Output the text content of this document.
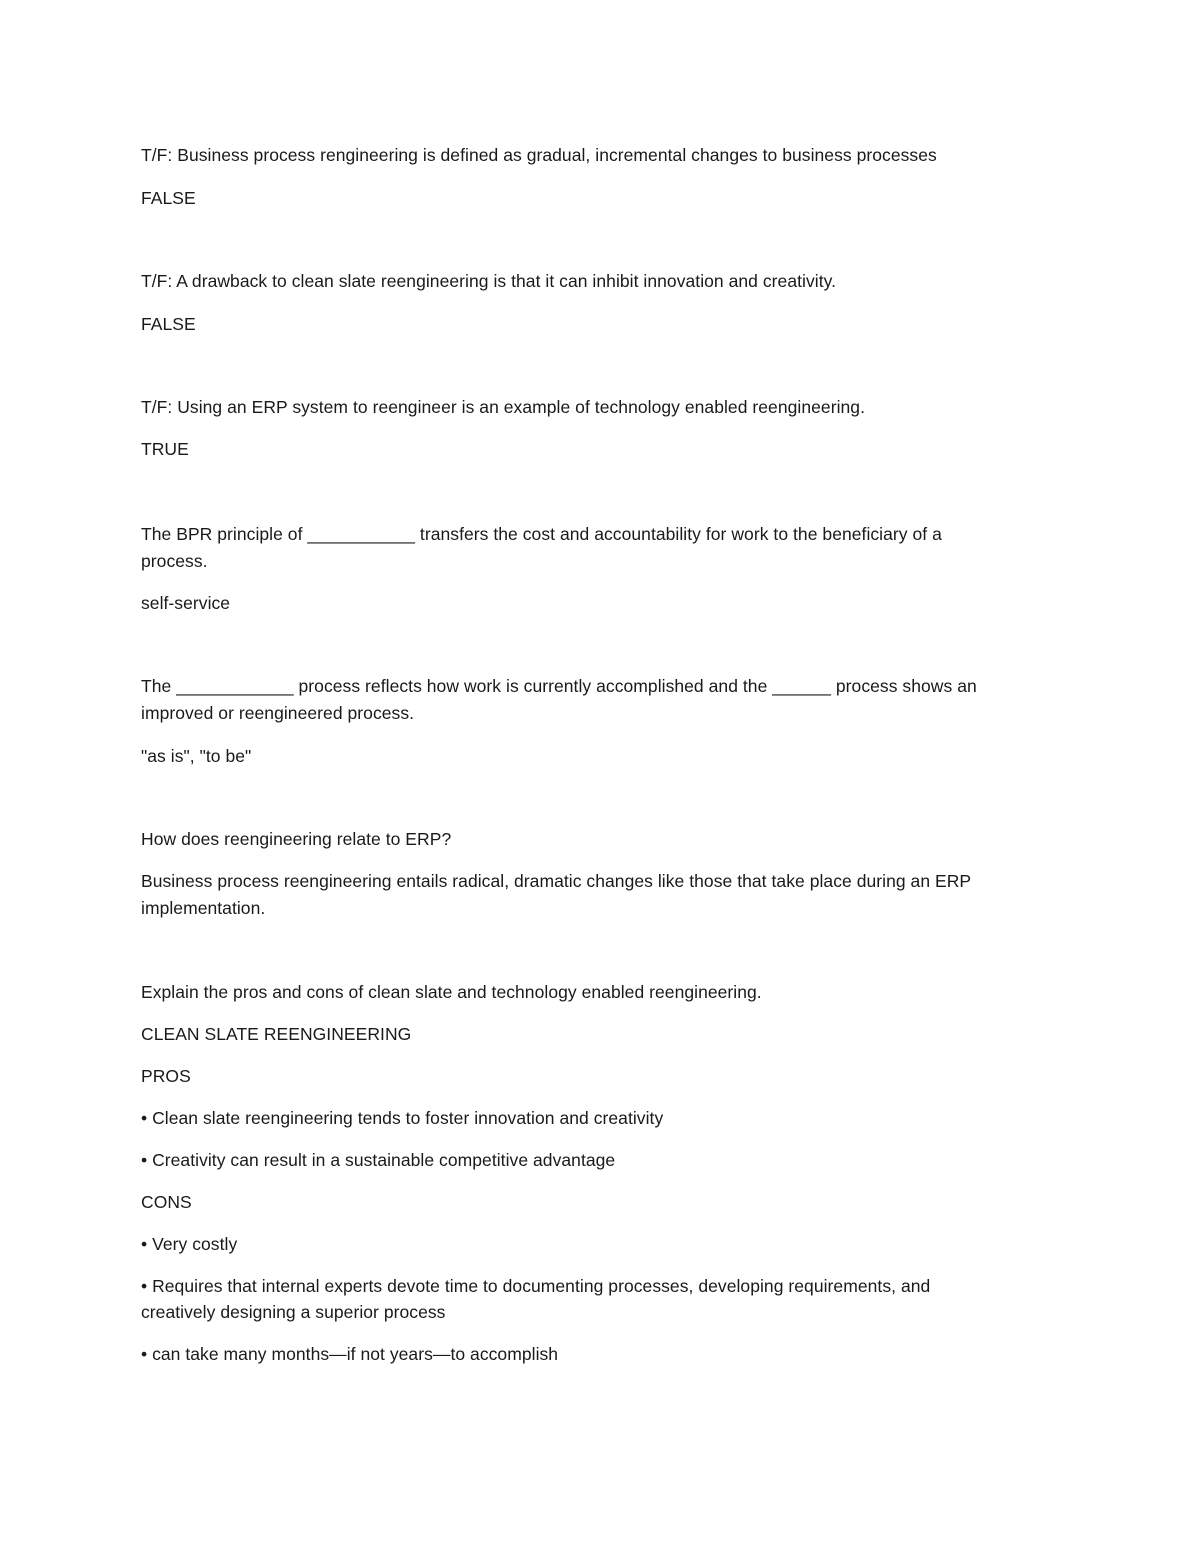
T/F: Business process rengineering is defined as gradual, incremental changes to business processes
FALSE
T/F: A drawback to clean slate reengineering is that it can inhibit innovation and creativity.
FALSE
T/F: Using an ERP system to reengineer is an example of technology enabled reengineering.
TRUE
The BPR principle of ___________ transfers the cost and accountability for work to the beneficiary of a
process.
self-service
The ____________ process reflects how work is currently accomplished and the ______ process shows an
improved or reengineered process.
"as is", "to be"
How does reengineering relate to ERP?
Business process reengineering entails radical, dramatic changes like those that take place during an ERP
implementation.
Explain the pros and cons of clean slate and technology enabled reengineering.
CLEAN SLATE REENGINEERING
PROS
• Clean slate reengineering tends to foster innovation and creativity
• Creativity can result in a sustainable competitive advantage
CONS
• Very costly
• Requires that internal experts devote time to documenting processes, developing requirements, and
creatively designing a superior process
• can take many months—if not years—to accomplish
